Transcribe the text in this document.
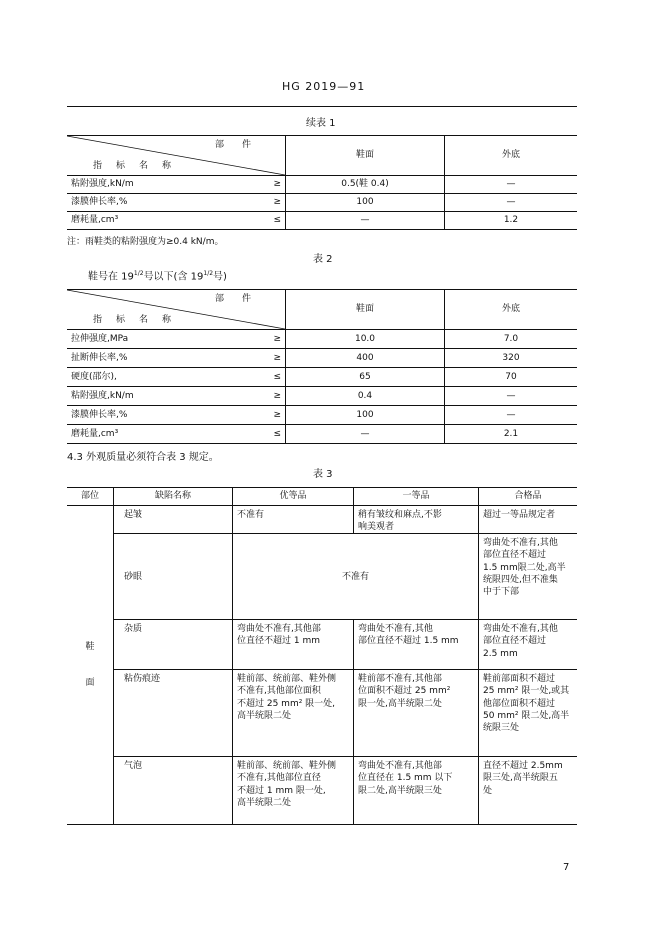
HG 2019—91
续表 1
部件
指标名称	鞋面	外底
粘附强度,kN/m ≥	0.5(鞋 0.4)	—
漆膜伸长率,% ≥	100	—
磨耗量,cm³ ≤	—	1.2
注：雨鞋类的粘附强度为≥0.4 kN/m。
表 2
鞋号在 $19^{1/2}$号以下(含 $19^{1/2}$号)
部件
指标名称	鞋面	外底
拉伸强度,MPa ≥	10.0	7.0
扯断伸长率,% ≥	400	320
硬度(邵尔), ≤	65	70
粘附强度,kN/m ≥	0.4	—
漆膜伸长率,% ≥	100	—
磨耗量,cm³ ≤	—	2.1
4.3 外观质量必须符合表 3 规定。
表 3
部位	缺陷名称	优等品	一等品	合格品
鞋

面	起皱	不准有	稍有皱纹和麻点,不影
响美观者	超过一等品规定者
	砂眼	不准有		弯曲处不准有,其他
部位直径不超过
1.5 mm限二处,高半
统限四处,但不准集
中于下部
	杂质	弯曲处不准有,其他部
位直径不超过 1 mm	弯曲处不准有,其他
部位直径不超过 1.5 mm	弯曲处不准有,其他
部位直径不超过
2.5 mm
	粘伤痕迹	鞋前部、统前部、鞋外侧
不准有,其他部位面积
不超过 25 mm² 限一处,
高半统限二处	鞋前部不准有,其他部
位面积不超过 25 mm²
限一处,高半统限二处	鞋前部面积不超过
25 mm² 限一处,或其
他部位面积不超过
50 mm² 限二处,高半
统限三处
	气泡	鞋前部、统前部、鞋外侧
不准有,其他部位直径
不超过 1 mm 限一处,
高半统限二处	弯曲处不准有,其他部
位直径在 1.5 mm 以下
限二处,高半统限三处	直径不超过 2.5mm
限三处,高半统限五
处
7
